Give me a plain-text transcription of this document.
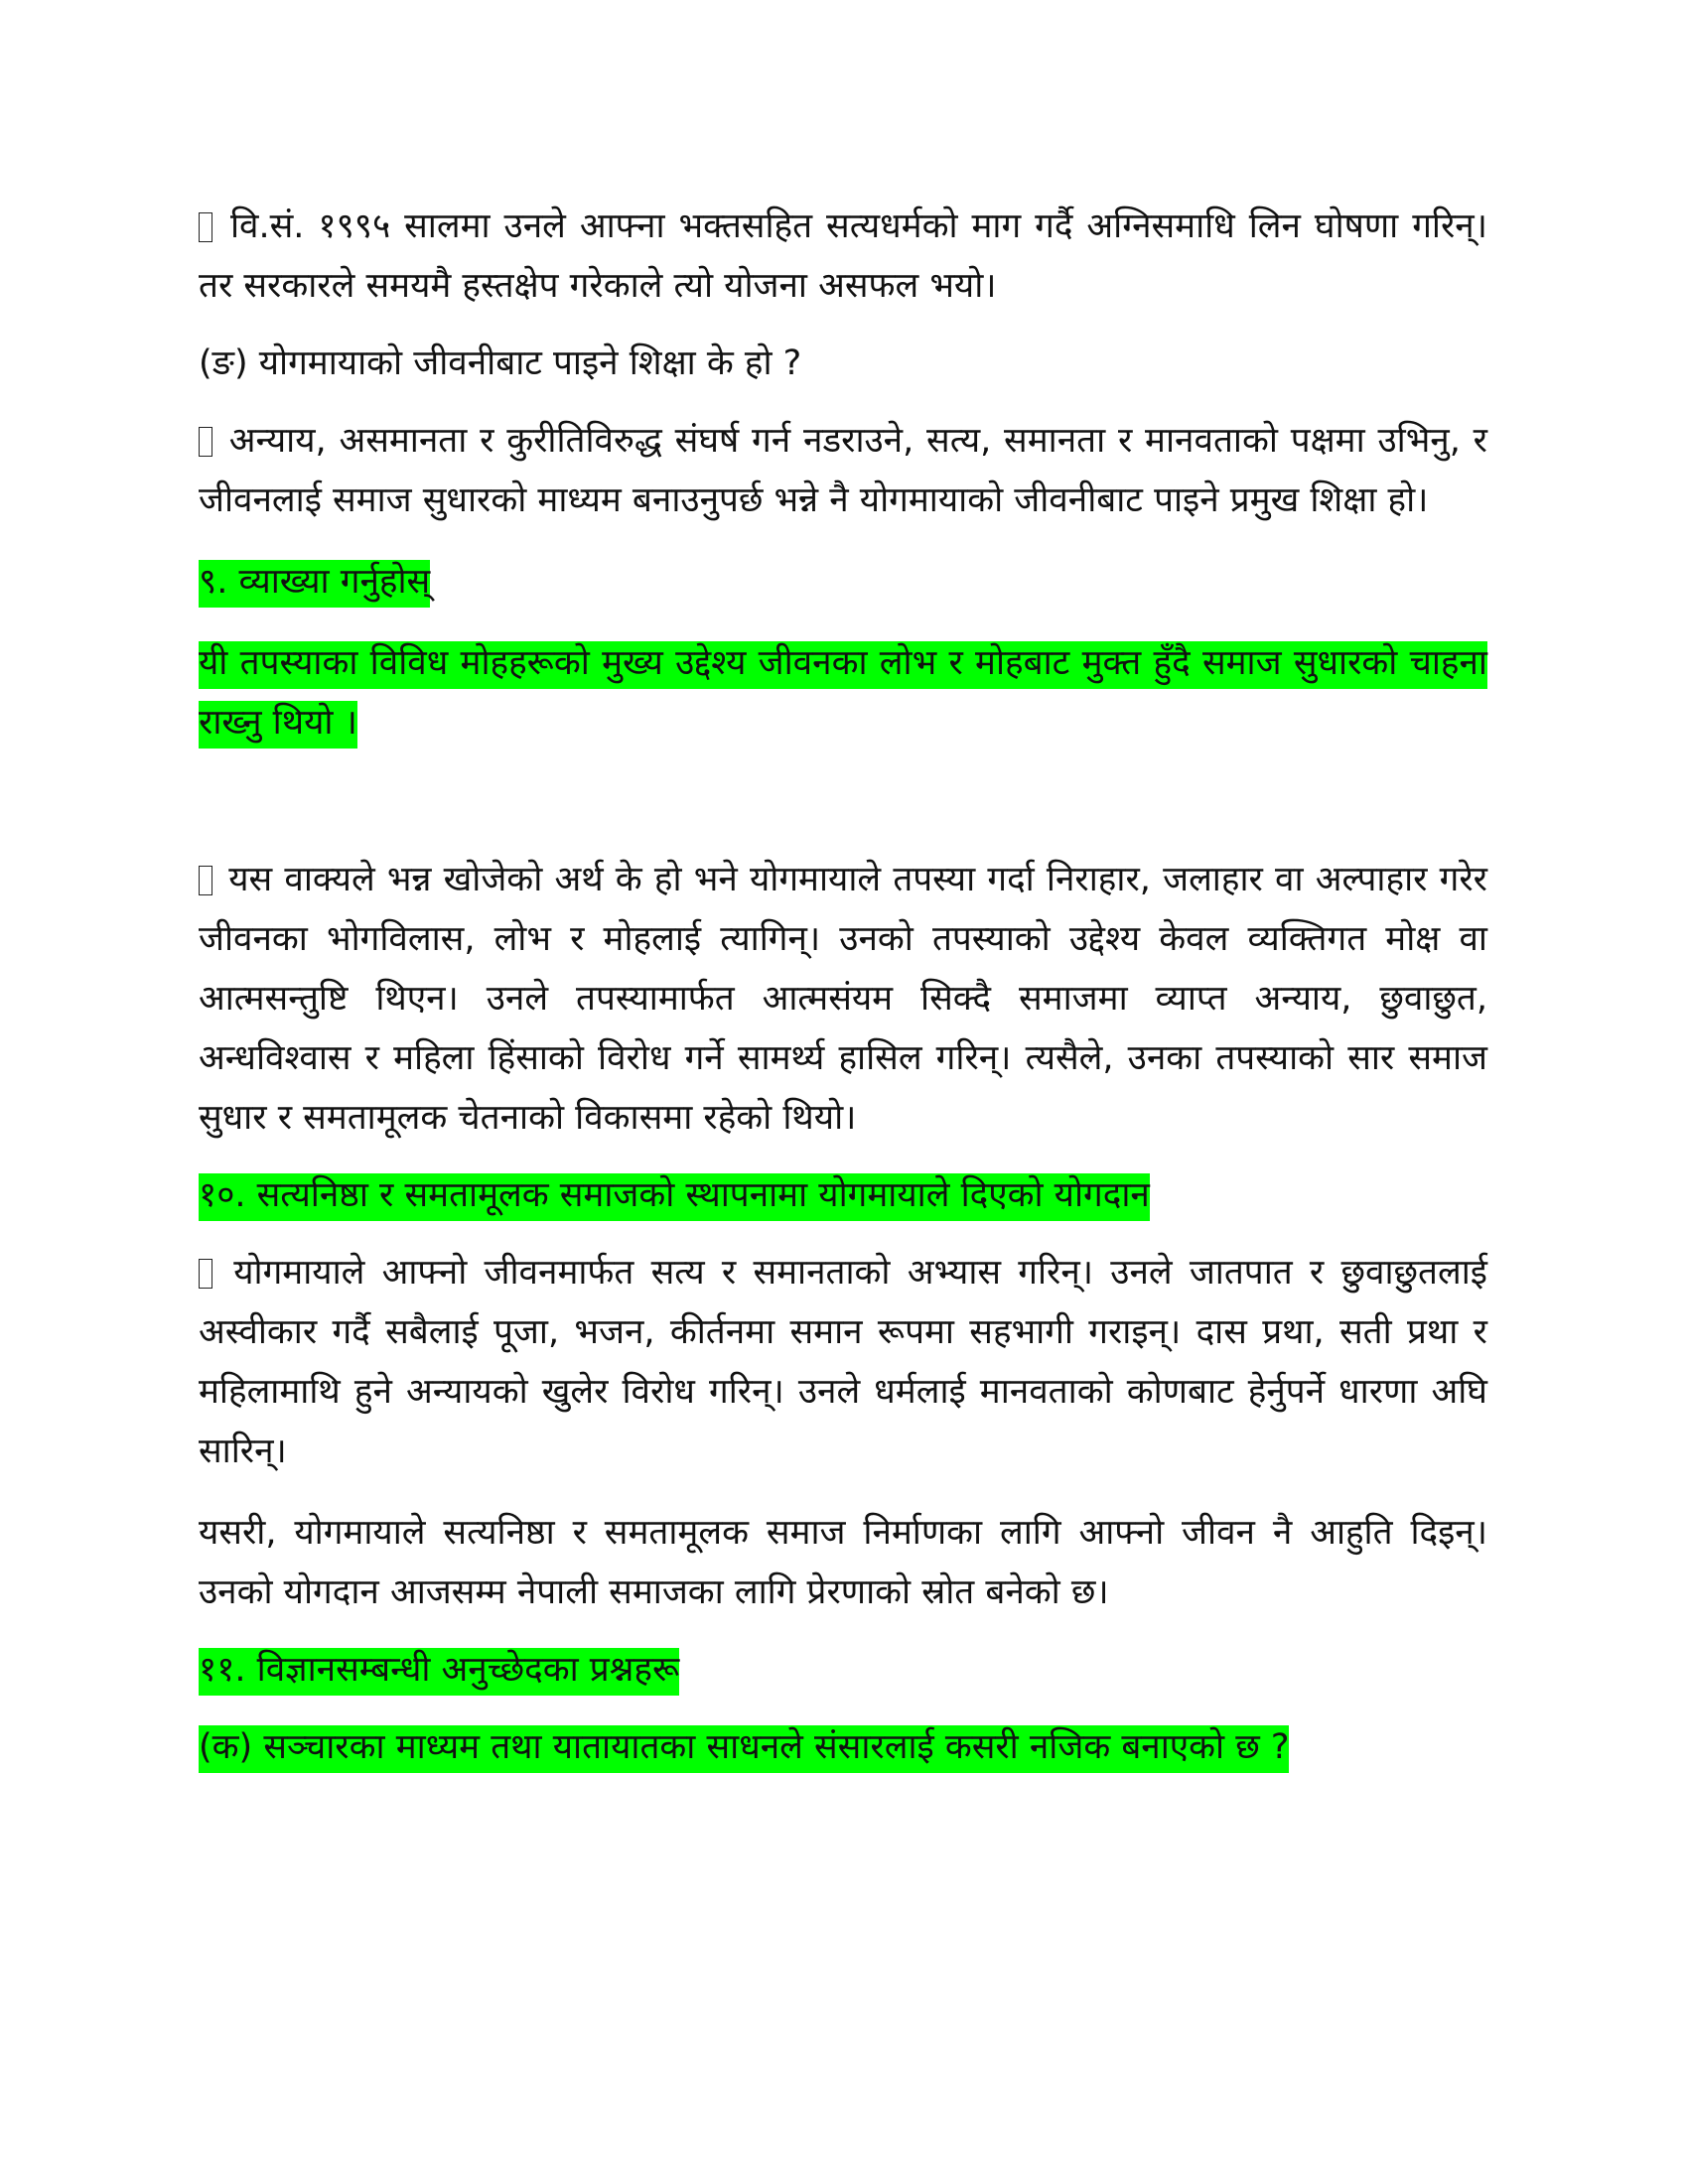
वि.सं. १९९५ सालमा उनले आफ्ना भक्तसहित सत्यधर्मको माग गर्दै अग्निसमाधि लिन घोषणा गरिन्। तर सरकारले समयमै हस्तक्षेप गरेकाले त्यो योजना असफल भयो।

(ङ) योगमायाको जीवनीबाट पाइने शिक्षा के हो ?

अन्याय, असमानता र कुरीतिविरुद्ध संघर्ष गर्न नडराउने, सत्य, समानता र मानवताको पक्षमा उभिनु, र जीवनलाई समाज सुधारको माध्यम बनाउनुपर्छ भन्ने नै योगमायाको जीवनीबाट पाइने प्रमुख शिक्षा हो।

९. व्याख्या गर्नुहोस्

यी तपस्याका विविध मोहहरूको मुख्य उद्देश्य जीवनका लोभ र मोहबाट मुक्त हुँदै समाज सुधारको चाहना राख्नु थियो ।

यस वाक्यले भन्न खोजेको अर्थ के हो भने योगमायाले तपस्या गर्दा निराहार, जलाहार वा अल्पाहार गरेर जीवनका भोगविलास, लोभ र मोहलाई त्यागिन्। उनको तपस्याको उद्देश्य केवल व्यक्तिगत मोक्ष वा आत्मसन्तुष्टि थिएन। उनले तपस्यामार्फत आत्मसंयम सिक्दै समाजमा व्याप्त अन्याय, छुवाछुत, अन्धविश्वास र महिला हिंसाको विरोध गर्ने सामर्थ्य हासिल गरिन्। त्यसैले, उनका तपस्याको सार समाज सुधार र समतामूलक चेतनाको विकासमा रहेको थियो।

१०. सत्यनिष्ठा र समतामूलक समाजको स्थापनामा योगमायाले दिएको योगदान

योगमायाले आफ्नो जीवनमार्फत सत्य र समानताको अभ्यास गरिन्। उनले जातपात र छुवाछुतलाई अस्वीकार गर्दै सबैलाई पूजा, भजन, कीर्तनमा समान रूपमा सहभागी गराइन्। दास प्रथा, सती प्रथा र महिलामाथि हुने अन्यायको खुलेर विरोध गरिन्। उनले धर्मलाई मानवताको कोणबाट हेर्नुपर्ने धारणा अघि सारिन्।

यसरी, योगमायाले सत्यनिष्ठा र समतामूलक समाज निर्माणका लागि आफ्नो जीवन नै आहुति दिइन्। उनको योगदान आजसम्म नेपाली समाजका लागि प्रेरणाको स्रोत बनेको छ।

११. विज्ञानसम्बन्धी अनुच्छेदका प्रश्नहरू

(क) सञ्चारका माध्यम तथा यातायातका साधनले संसारलाई कसरी नजिक बनाएको छ ?
